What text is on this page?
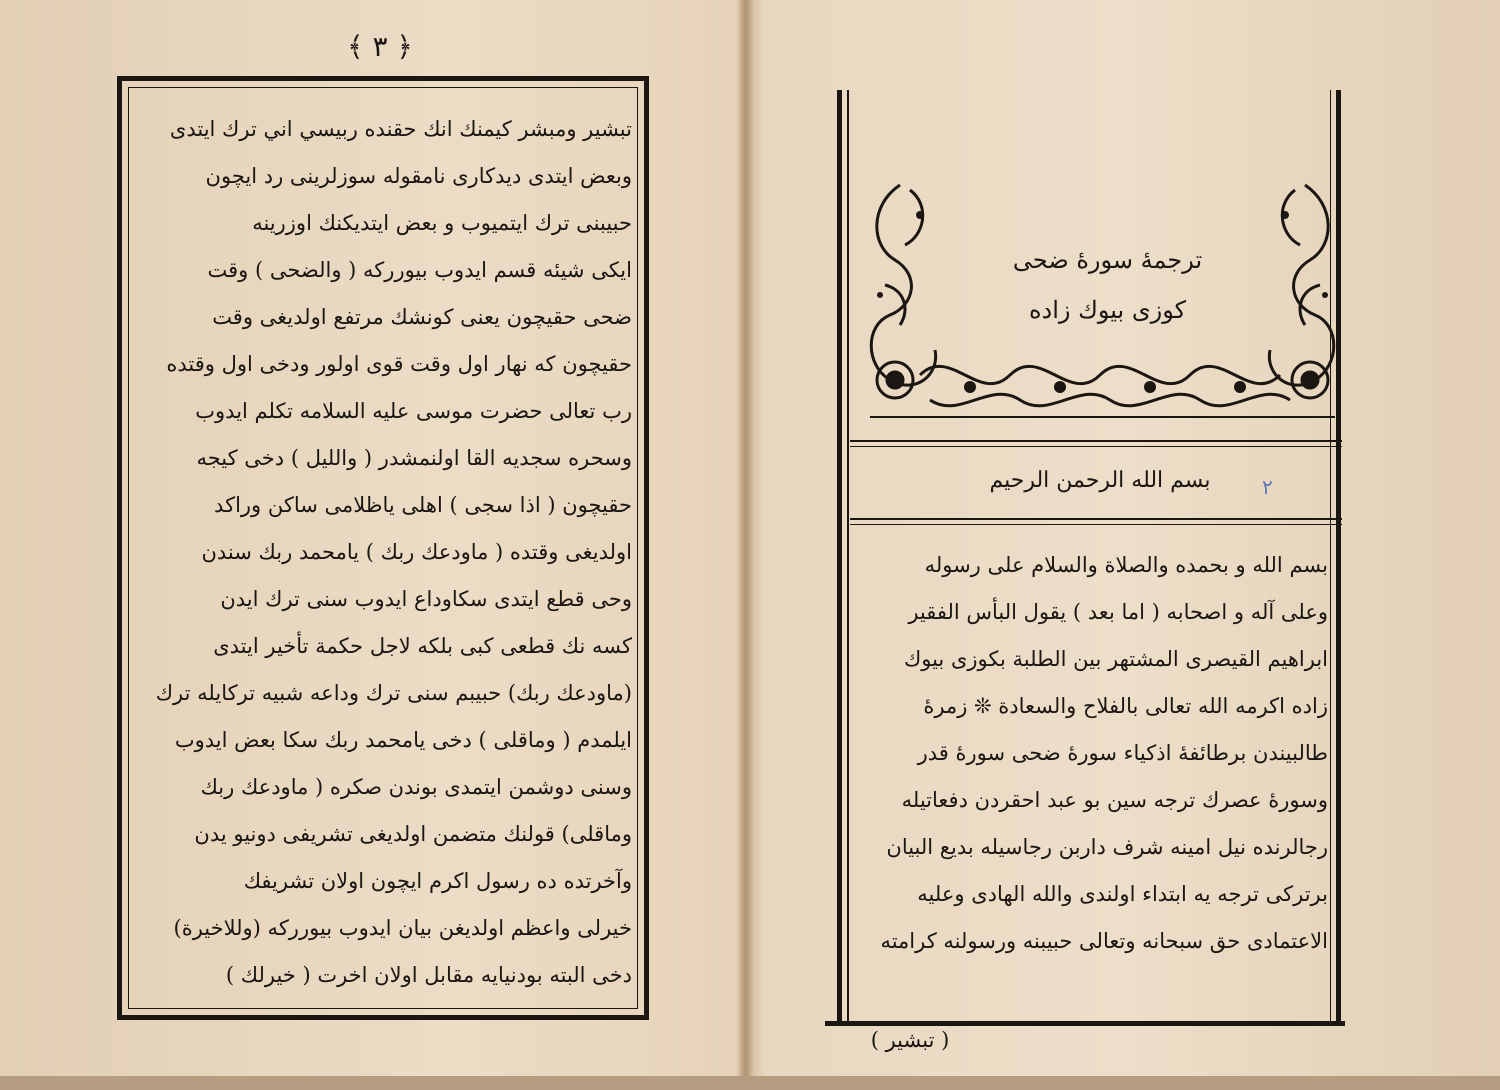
﴾ ٣ ﴿
تبشير ومبشر كيمنك انك حقنده ربيسي اني ترك ايتدى
وبعض ايتدى ديدكارى نامقوله سوزلرينى رد ايچون
حبيبنى ترك ايتميوب و بعض ايتديكنك اوزرينه
ايكى شيئه قسم ايدوب بيورركه ( والضحى ) وقت
ضحى حقيچون يعنى كونشك مرتفع اولديغى وقت
حقيچون كه نهار اول وقت قوى اولور ودخى اول وقتده
رب تعالى حضرت موسى عليه السلامه تكلم ايدوب
وسحره سجديه القا اولنمشدر ( والليل ) دخى كيجه
حقيچون ( اذا سجى ) اهلى ياظلامى ساكن وراكد
اولديغى وقتده ( ماودعك ربك ) يامحمد ربك سندن
وحى قطع ايتدى سكاوداع ايدوب سنى ترك ايدن
كسه نك قطعى كبى بلكه لاجل حكمة تأخير ايتدى
(ماودعك ربك) حبيبم سنى ترك وداعه شبيه تركايله ترك
ايلمدم ( وماقلى ) دخى يامحمد ربك سكا بعض ايدوب
وسنى دوشمن ايتمدى بوندن صكره ( ماودعك ربك
وماقلى) قولنك متضمن اولديغى تشريفى دونيو يدن
وآخرتده ده رسول اكرم ايچون اولان تشريفك
خيرلى واعظم اولديغن بيان ايدوب بيورركه (وللاخيرة)
دخى البته بودنيايه مقابل اولان اخرت ( خيرلك )
ترجمهٔ سورهٔ ضحى
كوزى بيوك زاده
بسم الله الرحمن الرحيم	٢
بسم الله و بحمده والصلاة والسلام على رسوله
وعلى آله و اصحابه ( اما بعد ) يقول البأس الفقير
ابراهيم القيصرى المشتهر بين الطلبة بكوزى بيوك
زاده اكرمه الله تعالى بالفلاح والسعادة ❊ زمرهٔ
طالبيندن برطائفهٔ اذكياء سورهٔ ضحى سورهٔ قدر
وسورهٔ عصرك ترجه سين بو عبد احقردن دفعاتيله
رجالرنده نيل امينه شرف داربن رجاسيله بديع البيان
برتركى ترجه يه ابتداء اولندى والله الهادى وعليه
الاعتمادى حق سبحانه وتعالى حبيبنه ورسولنه كرامته
( تبشير )
